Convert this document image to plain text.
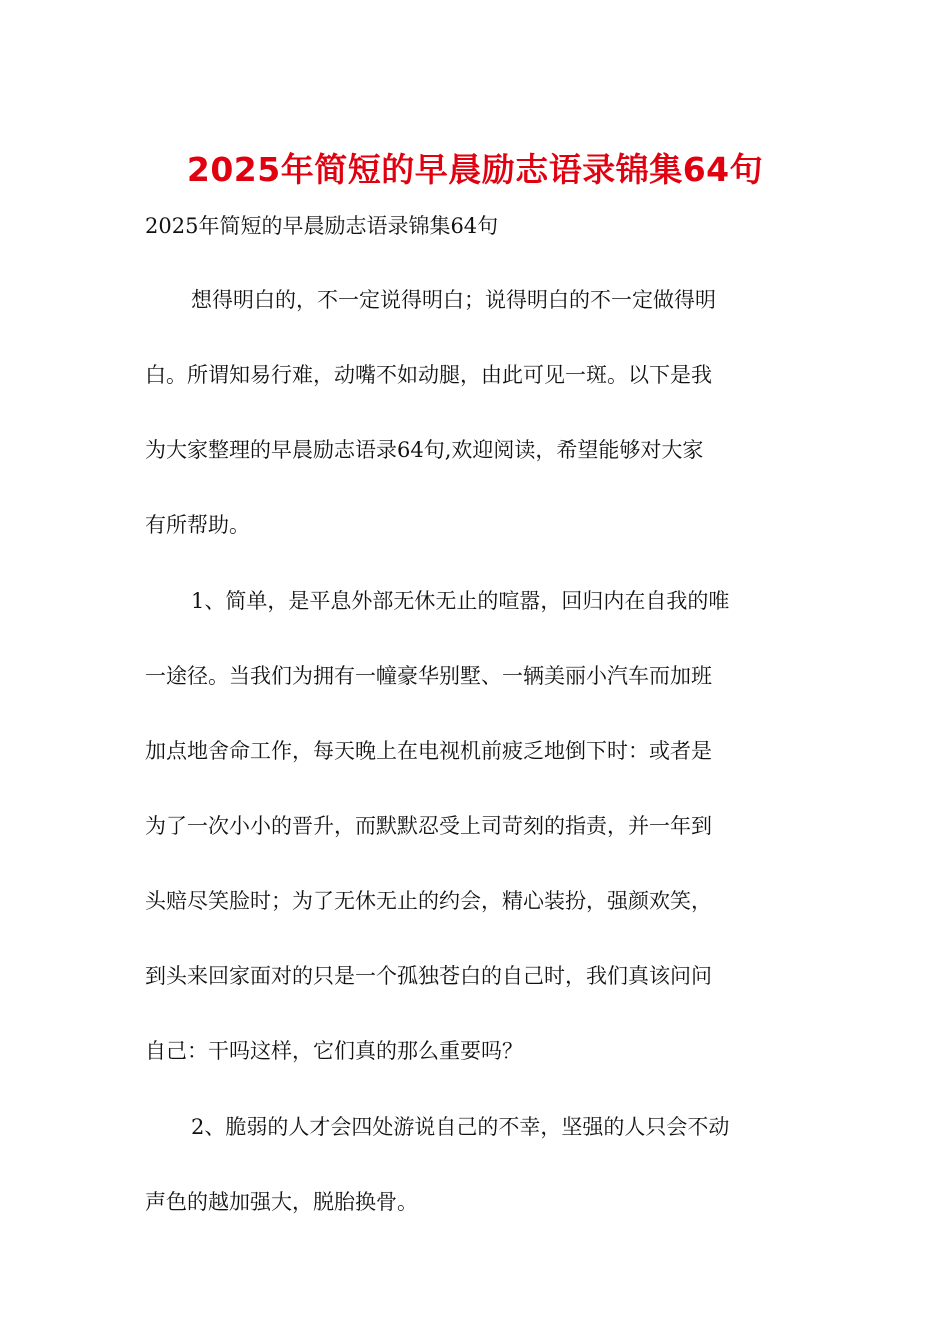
2025年简短的早晨励志语录锦集64句

2025年简短的早晨励志语录锦集64句

想得明白的，不一定说得明白；说得明白的不一定做得明
白。所谓知易行难，动嘴不如动腿，由此可见一斑。以下是我
为大家整理的早晨励志语录64句,欢迎阅读，希望能够对大家
有所帮助。
1、简单，是平息外部无休无止的喧嚣，回归内在自我的唯
一途径。当我们为拥有一幢豪华别墅、一辆美丽小汽车而加班
加点地舍命工作，每天晚上在电视机前疲乏地倒下时：或者是
为了一次小小的晋升，而默默忍受上司苛刻的指责，并一年到
头赔尽笑脸时；为了无休无止的约会，精心装扮，强颜欢笑，
到头来回家面对的只是一个孤独苍白的自己时，我们真该问问
自己：干吗这样，它们真的那么重要吗？
2、脆弱的人才会四处游说自己的不幸，坚强的人只会不动
声色的越加强大，脱胎换骨。
